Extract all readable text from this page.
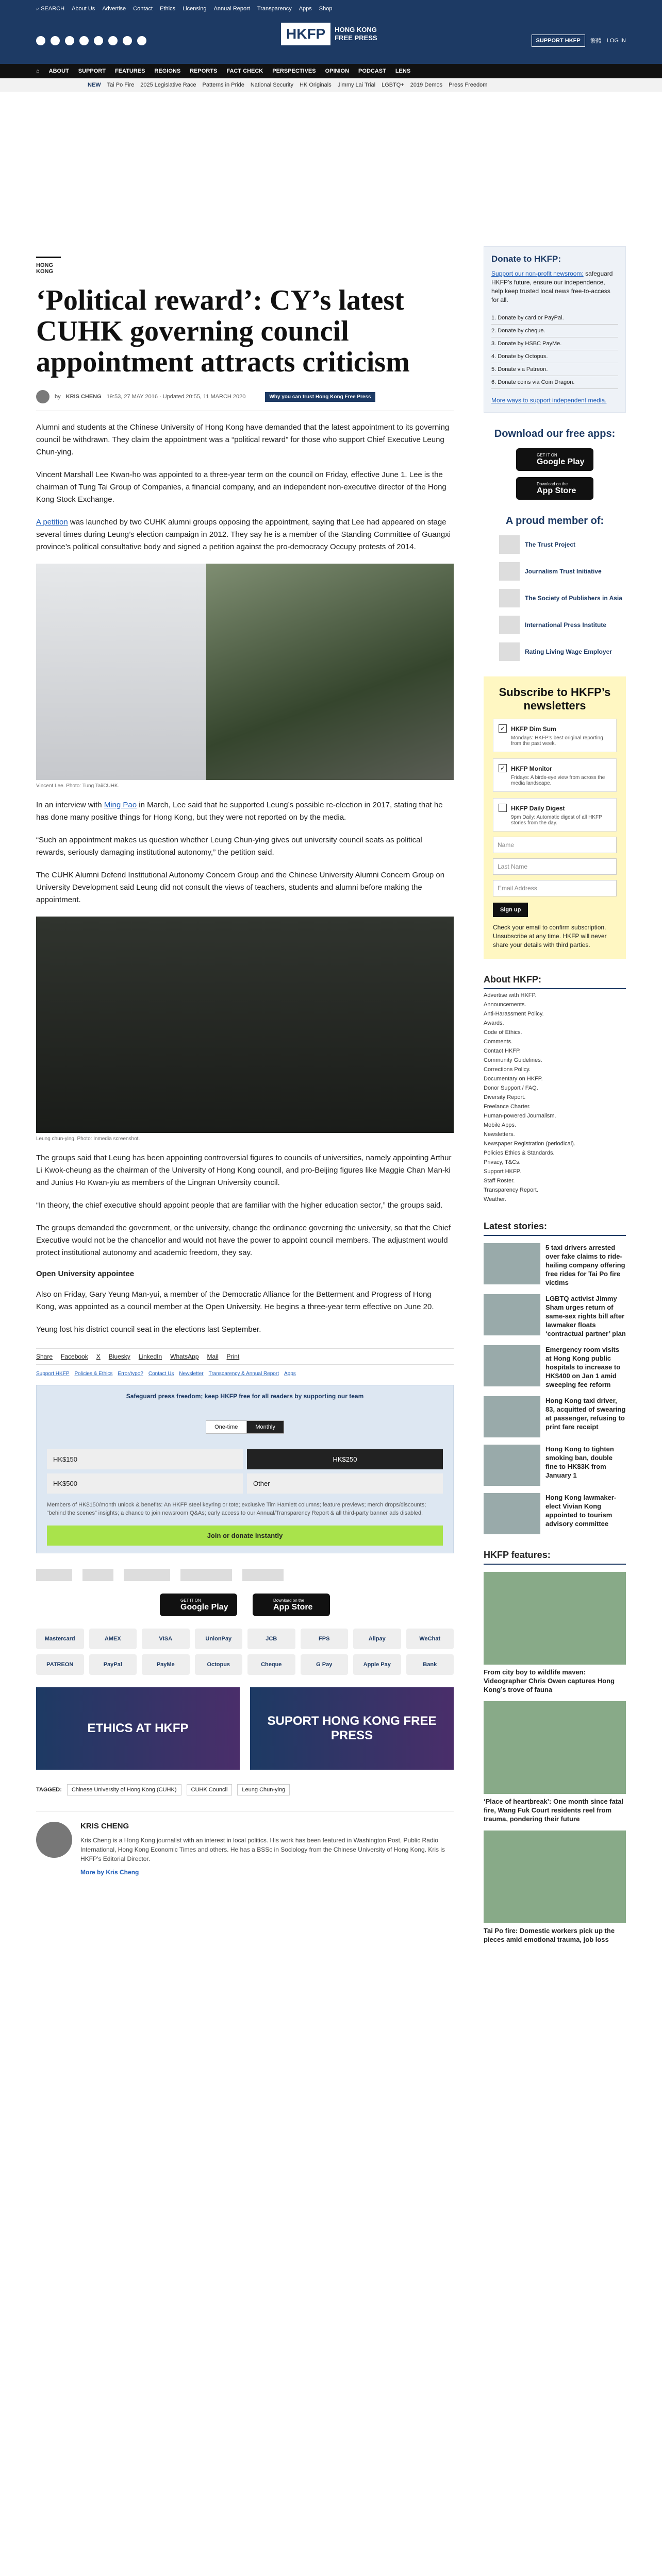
⌕ SEARCH About Us Advertise Contact Ethics Licensing Annual Report Transparency Apps Shop
HKFP	HONG KONG
FREE PRESS	SUPPORT HKFP	繁體 LOG IN
⌂ ABOUT SUPPORT FEATURES REGIONS REPORTS FACT CHECK PERSPECTIVES OPINION PODCAST LENS
NEW Tai Po Fire 2025 Legislative Race Patterns in Pride National Security HK Originals Jimmy Lai Trial LGBTQ+ 2019 Demos Press Freedom
HONG KONG
‘Political reward’: CY’s latest CUHK governing council appointment attracts criticism
by KRIS CHENG 19:53, 27 MAY 2016 · Updated 20:55, 11 MARCH 2020	Why you can trust Hong Kong Free Press

Alumni and students at the Chinese University of Hong Kong have demanded that the latest appointment to its governing council be withdrawn. They claim the appointment was a “political reward” for those who support Chief Executive Leung Chun-ying.

Vincent Marshall Lee Kwan-ho was appointed to a three-year term on the council on Friday, effective June 1. Lee is the chairman of Tung Tai Group of Companies, a financial company, and an independent non-executive director of the Hong Kong Stock Exchange.

A petition was launched by two CUHK alumni groups opposing the appointment, saying that Lee had appeared on stage several times during Leung’s election campaign in 2012. They say he is a member of the Standing Committee of Guangxi province’s political consultative body and signed a petition against the pro-democracy Occupy protests of 2014.

Vincent Lee. Photo: Tung Tai/CUHK.

In an interview with Ming Pao in March, Lee said that he supported Leung’s possible re-election in 2017, stating that he has done many positive things for Hong Kong, but they were not reported on by the media.

“Such an appointment makes us question whether Leung Chun-ying gives out university council seats as political rewards, seriously damaging institutional autonomy,” the petition said.

The CUHK Alumni Defend Institutional Autonomy Concern Group and the Chinese University Alumni Concern Group on University Development said Leung did not consult the views of teachers, students and alumni before making the appointment.

Leung chun-ying. Photo: Inmedia screenshot.

The groups said that Leung has been appointing controversial figures to councils of universities, namely appointing Arthur Li Kwok-cheung as the chairman of the University of Hong Kong council, and pro-Beijing figures like Maggie Chan Man-ki and Junius Ho Kwan-yiu as members of the Lingnan University council.

“In theory, the chief executive should appoint people that are familiar with the higher education sector,” the groups said.

The groups demanded the government, or the university, change the ordinance governing the university, so that the Chief Executive would not be the chancellor and would not have the power to appoint council members. The adjustment would protect institutional autonomy and academic freedom, they say.

Open University appointee

Also on Friday, Gary Yeung Man-yui, a member of the Democratic Alliance for the Betterment and Progress of Hong Kong, was appointed as a council member at the Open University. He begins a three-year term effective on June 20.

Yeung lost his district council seat in the elections last September.

Share Facebook X Bluesky LinkedIn WhatsApp Mail Print
Support HKFP Policies & Ethics Error/typo? Contact Us Newsletter Transparency & Annual Report Apps
Safeguard press freedom; keep HKFP free for all readers by supporting our team
One-time	Monthly
HK$150	HK$250
HK$500	Other
Members of HK$150/month unlock & benefits: An HKFP steel keyring or tote; exclusive Tim Hamlett columns; feature previews; merch drops/discounts; “behind the scenes” insights; a chance to join newsroom Q&As; early access to our Annual/Transparency Report & all third-party banner ads disabled.
Join or donate instantly
GET IT ON
Google Play
Download on the
App Store
Mastercard	AMEX	VISA	UnionPay	JCB	FPS	Alipay	WeChat
PATREON	PayPal	PayMe	Octopus	Cheque	G Pay	Apple Pay	Bank
ETHICS AT HKFP
SUPORT HONG KONG FREE PRESS
TAGGED:	Chinese University of Hong Kong (CUHK)	CUHK Council	Leung Chun-ying
KRIS CHENG

Kris Cheng is a Hong Kong journalist with an interest in local politics. His work has been featured in Washington Post, Public Radio International, Hong Kong Economic Times and others. He has a BSSc in Sociology from the Chinese University of Hong Kong. Kris is HKFP’s Editorial Director.

More by Kris Cheng
Donate to HKFP:
Support our non-profit newsroom: safeguard HKFP’s future, ensure our independence, help keep trusted local news free-to-access for all.
1. Donate by card or PayPal.
2. Donate by cheque.
3. Donate by HSBC PayMe.
4. Donate by Octopus.
5. Donate via Patreon.
6. Donate coins via Coin Dragon.
More ways to support independent media.
Download our free apps:
GET IT ON
Google Play
Download on the
App Store
A proud member of:
The Trust Project
Journalism Trust Initiative
The Society of Publishers in Asia
International Press Institute
Rating Living Wage Employer
Subscribe to HKFP’s newsletters
✓ HKFP Dim Sum

Mondays: HKFP’s best original reporting from the past week.

✓ HKFP Monitor

Fridays: A birds-eye view from across the media landscape.

HKFP Daily Digest

9pm Daily: Automatic digest of all HKFP stories from the day.

Name
Last Name
Email Address
Sign up

Check your email to confirm subscription. Unsubscribe at any time. HKFP will never share your details with third parties.

About HKFP:
Advertise with HKFP.
Announcements.
Anti-Harassment Policy.
Awards.
Code of Ethics.
Comments.
Contact HKFP.
Community Guidelines.
Corrections Policy.
Documentary on HKFP.
Donor Support / FAQ.
Diversity Report.
Freelance Charter.
Human-powered Journalism.
Mobile Apps.
Newsletters.
Newspaper Registration (periodical).
Policies Ethics & Standards.
Privacy, T&Cs.
Support HKFP.
Staff Roster.
Transparency Report.
Weather.
Latest stories:
5 taxi drivers arrested over fake claims to ride-hailing company offering free rides for Tai Po fire victims
LGBTQ activist Jimmy Sham urges return of same-sex rights bill after lawmaker floats ‘contractual partner’ plan
Emergency room visits at Hong Kong public hospitals to increase to HK$400 on Jan 1 amid sweeping fee reform
Hong Kong taxi driver, 83, acquitted of swearing at passenger, refusing to print fare receipt
Hong Kong to tighten smoking ban, double fine to HK$3K from January 1
Hong Kong lawmaker-elect Vivian Kong appointed to tourism advisory committee
HKFP features:
From city boy to wildlife maven: Videographer Chris Owen captures Hong Kong’s trove of fauna
‘Place of heartbreak’: One month since fatal fire, Wang Fuk Court residents reel from trauma, pondering their future
Tai Po fire: Domestic workers pick up the pieces amid emotional trauma, job loss
